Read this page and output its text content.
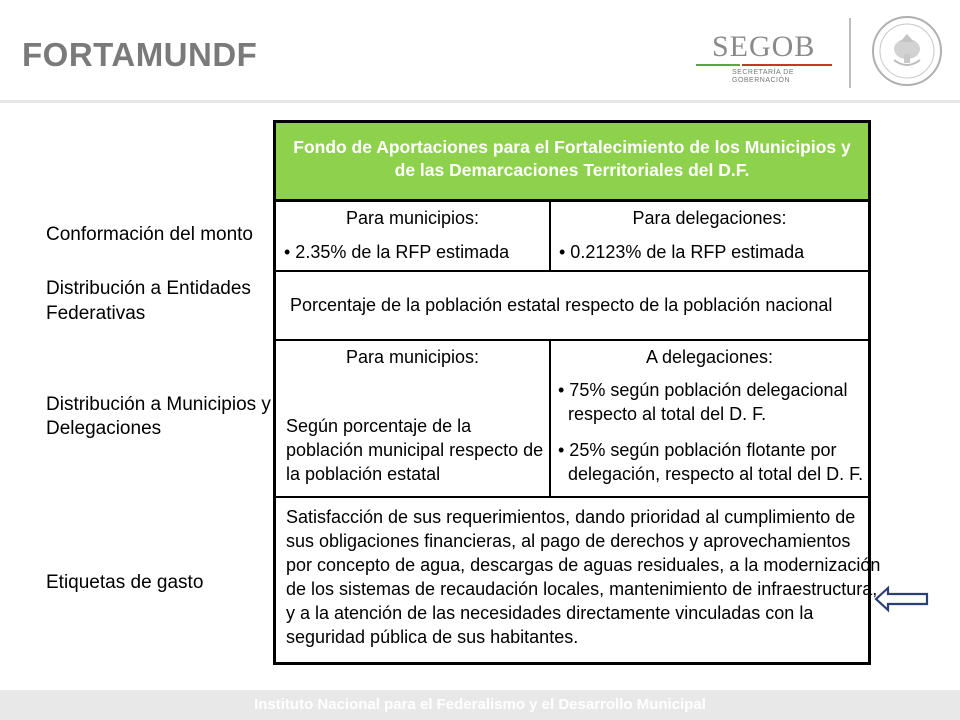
FORTAMUNDF	SEGOB
SECRETARÍA DE
GOBERNACIÓN
Conformación del monto
Distribución a Entidades
Federativas
Distribución a Municipios y
Delegaciones
Etiquetas de gasto
Fondo de Aportaciones para el Fortalecimiento de los Municipios y
de las Demarcaciones Territoriales del D.F.
Para municipios:
• 2.35% de la RFP estimada
Para delegaciones:
• 0.2123% de la RFP estimada
Porcentaje de la población estatal respecto de la población nacional
Para municipios:
Según porcentaje de la
población municipal respecto de
la población estatal
A delegaciones:
• 75% según población delegacional
respecto al total del D. F.
• 25% según población flotante por
delegación, respecto al total del D. F.
Satisfacción de sus requerimientos, dando prioridad al cumplimiento de
sus obligaciones financieras, al pago de derechos y aprovechamientos
por concepto de agua, descargas de aguas residuales, a la modernización
de los sistemas de recaudación locales, mantenimiento de infraestructura,
y a la atención de las necesidades directamente vinculadas con la
seguridad pública de sus habitantes.
Instituto Nacional para el Federalismo y el Desarrollo Municipal
